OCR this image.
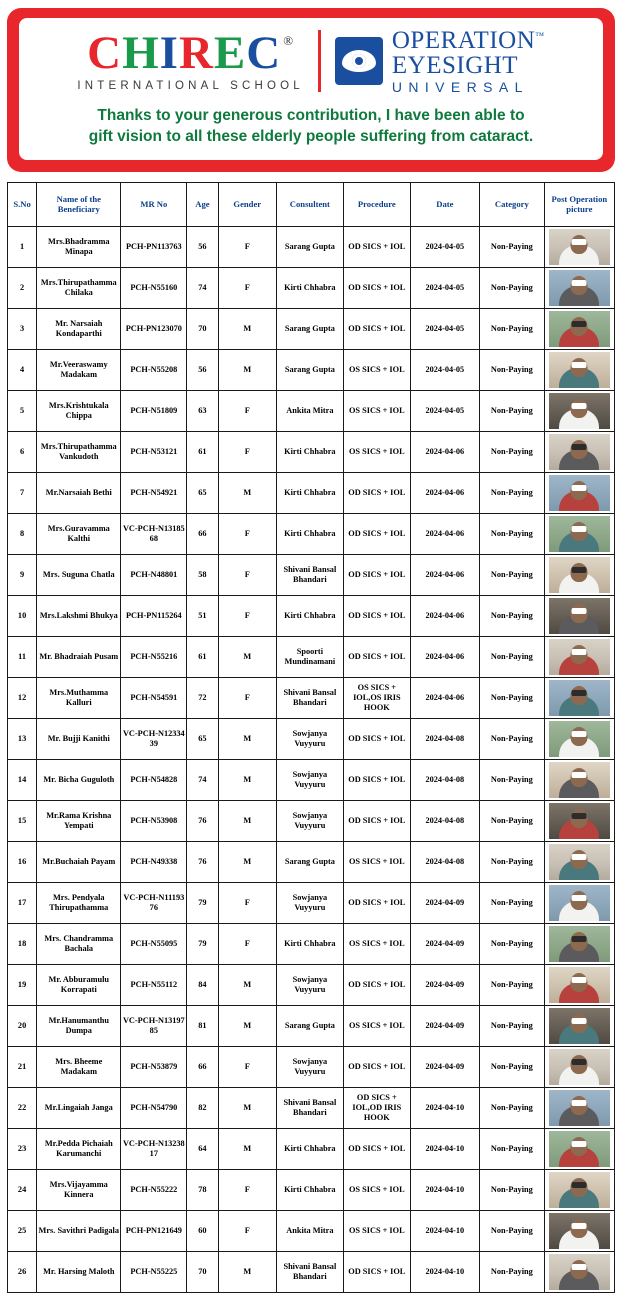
C H I R E C ®
INTERNATIONAL SCHOOL
OPERATION™
EYESIGHT
UNIVERSAL
Thanks to your generous contribution, I have been able to
gift vision to all these elderly people suffering from cataract.
S.No	Name of the Beneficiary	MR No	Age	Gender	Consultent	Procedure	Date	Category	Post Operation picture
1	Mrs.Bhadramma Minapa	PCH-PN113763	56	F	Sarang Gupta	OD SICS + IOL	2024-04-05	Non-Paying	

2	Mrs.Thirupathamma Chilaka	PCH-N55160	74	F	Kirti Chhabra	OD SICS + IOL	2024-04-05	Non-Paying	

3	Mr. Narsaiah Kondaparthi	PCH-PN123070	70	M	Sarang Gupta	OD SICS + IOL	2024-04-05	Non-Paying	

4	Mr.Veeraswamy Madakam	PCH-N55208	56	M	Sarang Gupta	OS SICS + IOL	2024-04-05	Non-Paying	

5	Mrs.Krishtukala Chippa	PCH-N51809	63	F	Ankita Mitra	OS SICS + IOL	2024-04-05	Non-Paying	

6	Mrs.Thirupathamma Vankudoth	PCH-N53121	61	F	Kirti Chhabra	OS SICS + IOL	2024-04-06	Non-Paying	

7	Mr.Narsaiah Bethi	PCH-N54921	65	M	Kirti Chhabra	OD SICS + IOL	2024-04-06	Non-Paying	

8	Mrs.Guravamma Kalthi	VC-PCH-N1318568	66	F	Kirti Chhabra	OD SICS + IOL	2024-04-06	Non-Paying	

9	Mrs. Suguna Chatla	PCH-N48801	58	F	Shivani Bansal Bhandari	OD SICS + IOL	2024-04-06	Non-Paying	

10	Mrs.Lakshmi Bhukya	PCH-PN115264	51	F	Kirti Chhabra	OD SICS + IOL	2024-04-06	Non-Paying	

11	Mr. Bhadraiah Pusam	PCH-N55216	61	M	Spoorti Mundinamani	OD SICS + IOL	2024-04-06	Non-Paying	

12	Mrs.Muthamma Kalluri	PCH-N54591	72	F	Shivani Bansal Bhandari	OS SICS + IOL,OS IRIS HOOK	2024-04-06	Non-Paying	

13	Mr. Bujji Kanithi	VC-PCH-N1233439	65	M	Sowjanya Vuyyuru	OD SICS + IOL	2024-04-08	Non-Paying	

14	Mr. Bicha Guguloth	PCH-N54828	74	M	Sowjanya Vuyyuru	OD SICS + IOL	2024-04-08	Non-Paying	

15	Mr.Rama Krishna Yempati	PCH-N53908	76	M	Sowjanya Vuyyuru	OD SICS + IOL	2024-04-08	Non-Paying	

16	Mr.Buchaiah Payam	PCH-N49338	76	M	Sarang Gupta	OS SICS + IOL	2024-04-08	Non-Paying	

17	Mrs. Pendyala Thirupathamma	VC-PCH-N1119376	79	F	Sowjanya Vuyyuru	OD SICS + IOL	2024-04-09	Non-Paying	

18	Mrs. Chandramma Bachala	PCH-N55095	79	F	Kirti Chhabra	OS SICS + IOL	2024-04-09	Non-Paying	

19	Mr. Abburamulu Korrapati	PCH-N55112	84	M	Sowjanya Vuyyuru	OD SICS + IOL	2024-04-09	Non-Paying	

20	Mr.Hanumanthu Dumpa	VC-PCH-N1319785	81	M	Sarang Gupta	OS SICS + IOL	2024-04-09	Non-Paying	

21	Mrs. Bheeme Madakam	PCH-N53879	66	F	Sowjanya Vuyyuru	OD SICS + IOL	2024-04-09	Non-Paying	

22	Mr.Lingaiah Janga	PCH-N54790	82	M	Shivani Bansal Bhandari	OD SICS + IOL,OD IRIS HOOK	2024-04-10	Non-Paying	

23	Mr.Pedda Pichaiah Karumanchi	VC-PCH-N1323817	64	M	Kirti Chhabra	OD SICS + IOL	2024-04-10	Non-Paying	

24	Mrs.Vijayamma Kinnera	PCH-N55222	78	F	Kirti Chhabra	OS SICS + IOL	2024-04-10	Non-Paying	

25	Mrs. Savithri Padigala	PCH-PN121649	60	F	Ankita Mitra	OS SICS + IOL	2024-04-10	Non-Paying	

26	Mr. Harsing Maloth	PCH-N55225	70	M	Shivani Bansal Bhandari	OD SICS + IOL	2024-04-10	Non-Paying	
